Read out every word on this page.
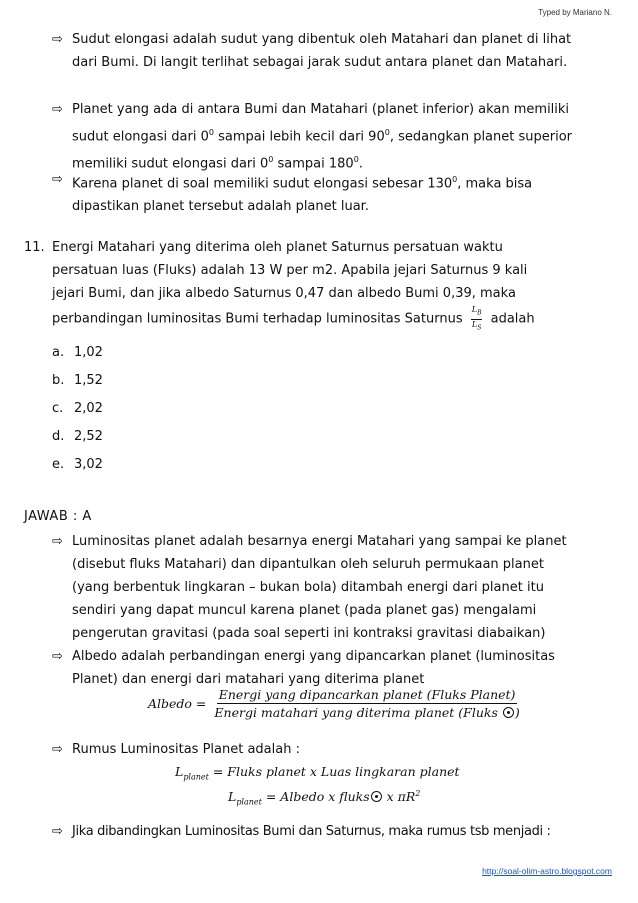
Typed by Mariano N.
⇨ Sudut elongasi adalah sudut yang dibentuk oleh Matahari dan planet di lihat
dari Bumi. Di langit terlihat sebagai jarak sudut antara planet dan Matahari.
⇨ Planet yang ada di antara Bumi dan Matahari (planet inferior) akan memiliki
sudut elongasi dari $0^0$ sampai lebih kecil dari $90^0$, sedangkan planet superior
memiliki sudut elongasi dari $0^0$ sampai $180^0$.
⇨ Karena planet di soal memiliki sudut elongasi sebesar $130^0$, maka bisa
dipastikan planet tersebut adalah planet luar.
11. Energi Matahari yang diterima oleh planet Saturnus persatuan waktu
persatuan luas (Fluks) adalah 13 W per m2. Apabila jejari Saturnus 9 kali
jejari Bumi, dan jika albedo Saturnus 0,47 dan albedo Bumi 0,39, maka
perbandingan luminositas Bumi terhadap luminositas Saturnus $\frac{L_B}{L_S}$ adalah
a. 1,02
b. 1,52
c. 2,02
d. 2,52
e. 3,02
JAWAB : A
⇨ Luminositas planet adalah besarnya energi Matahari yang sampai ke planet
(disebut fluks Matahari) dan dipantulkan oleh seluruh permukaan planet
(yang berbentuk lingkaran – bukan bola) ditambah energi dari planet itu
sendiri yang dapat muncul karena planet (pada planet gas) mengalami
pengerutan gravitasi (pada soal seperti ini kontraksi gravitasi diabaikan)
⇨ Albedo adalah perbandingan energi yang dipancarkan planet (luminositas
Planet) dan energi dari matahari yang diterima planet
Albedo = $\frac{\text{Energi yang dipancarkan planet (Fluks Planet)}}{\text{Energi matahari yang diterima planet (Fluks )}}$
⇨ Rumus Luminositas Planet adalah :
$L_{planet}$ = Fluks planet x Luas lingkaran planet
$L_{planet}$ = Albedo x fluks x $\pi R^2$
⇨ Jika dibandingkan Luminositas Bumi dan Saturnus, maka rumus tsb menjadi :
http://soal-olim-astro.blogspot.com
